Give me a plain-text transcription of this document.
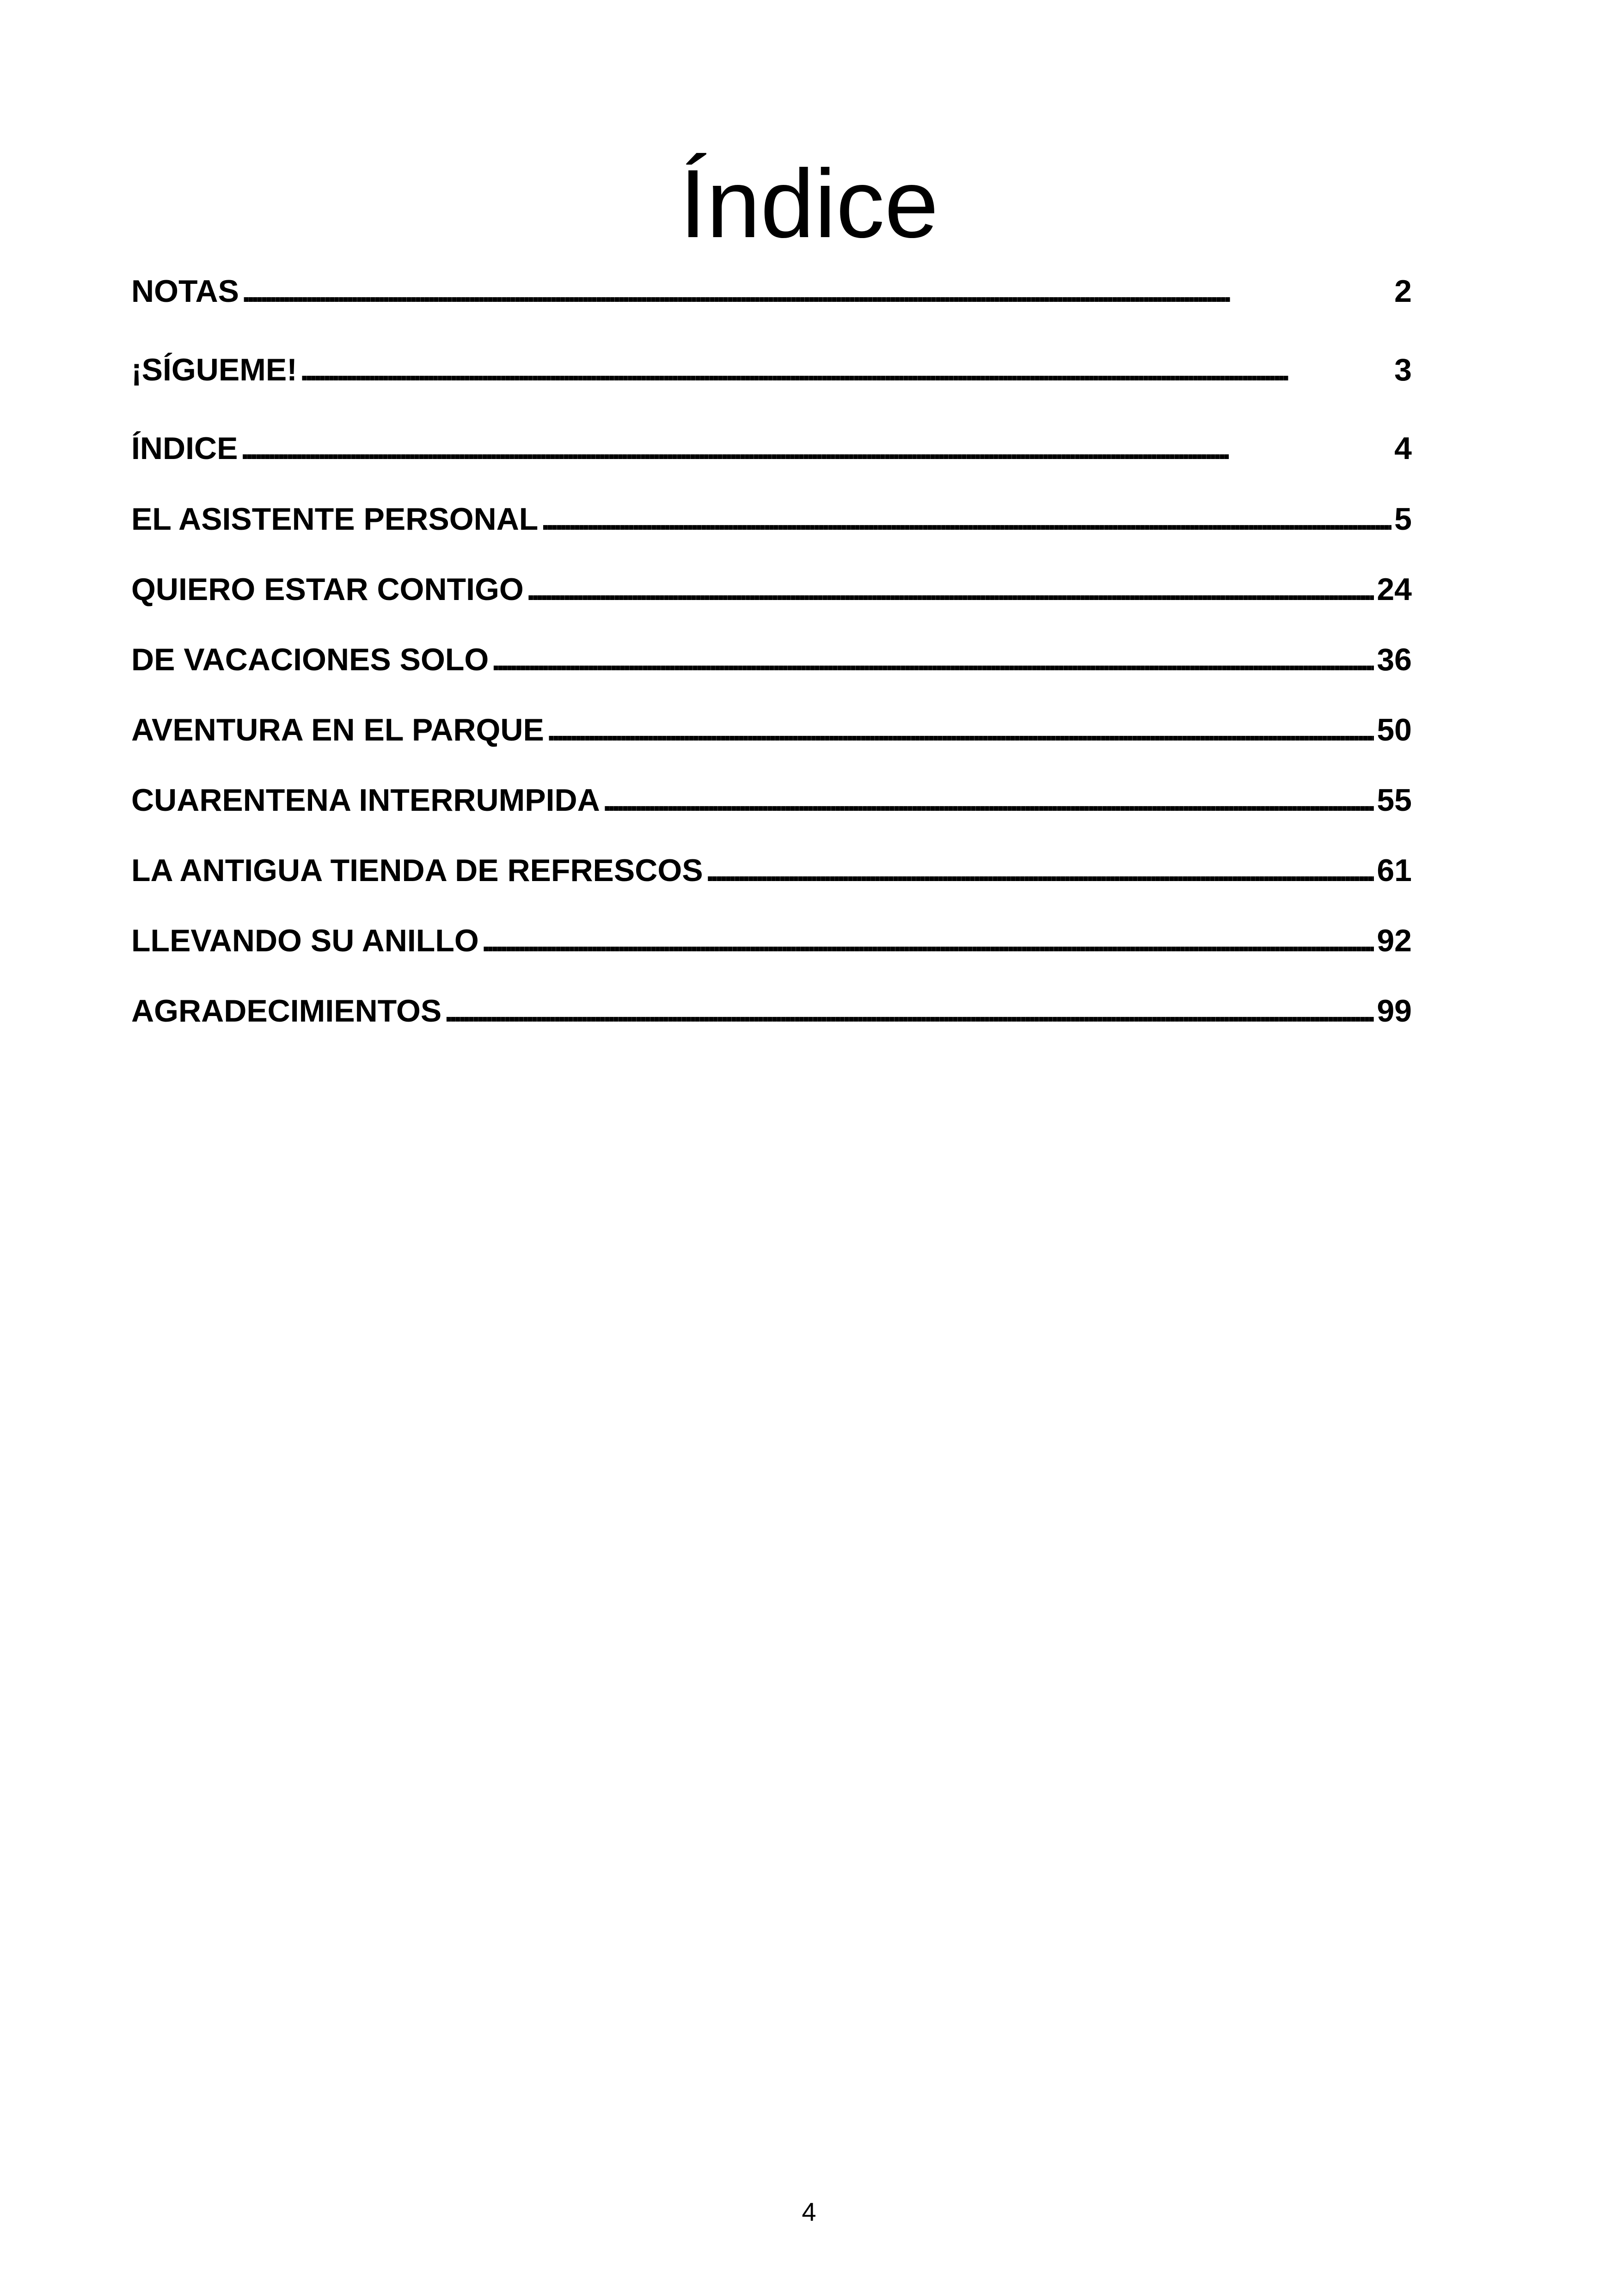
Índice
NOTAS . . .	2
¡SÍGUEME! . . .	3
ÍNDICE . . .	4
EL ASISTENTE PERSONAL . . .	5
QUIERO ESTAR CONTIGO . . .	24
DE VACACIONES SOLO . . .	36
AVENTURA EN EL PARQUE . . .	50
CUARENTENA INTERRUMPIDA . . .	55
LA ANTIGUA TIENDA DE REFRESCOS . . .	61
LLEVANDO SU ANILLO . . .	92
AGRADECIMIENTOS . . .	99
4
